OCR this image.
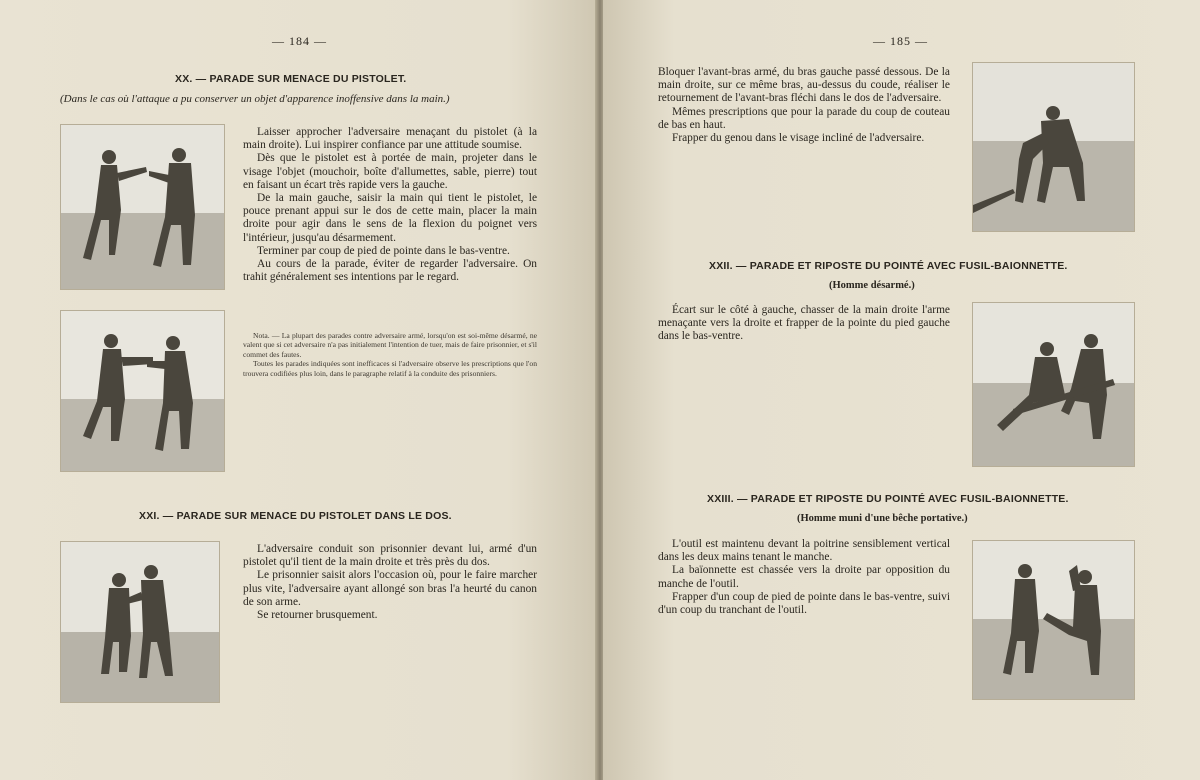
— 184 —
XX. — PARADE SUR MENACE DU PISTOLET.
(Dans le cas où l'attaque a pu conserver un objet d'apparence inoffensive dans la main.)

Laisser approcher l'adversaire menaçant du pistolet (à la main droite). Lui inspirer confiance par une attitude soumise.

Dès que le pistolet est à portée de main, projeter dans le visage l'objet (mouchoir, boîte d'allumettes, sable, pierre) tout en faisant un écart très rapide vers la gauche.

De la main gauche, saisir la main qui tient le pistolet, le pouce prenant appui sur le dos de cette main, placer la main droite pour agir dans le sens de la flexion du poignet vers l'intérieur, jusqu'au désarmement.

Terminer par coup de pied de pointe dans le bas-ventre.

Au cours de la parade, éviter de regarder l'adversaire. On trahit généralement ses intentions par le regard.

Nota. — La plupart des parades contre adversaire armé, lorsqu'on est soi-même désarmé, ne valent que si cet adversaire n'a pas initialement l'intention de tuer, mais de faire prisonnier, et s'il commet des fautes.

Toutes les parades indiquées sont inefficaces si l'adversaire observe les prescriptions que l'on trouvera codifiées plus loin, dans le paragraphe relatif à la conduite des prisonniers.

XXI. — PARADE SUR MENACE DU PISTOLET DANS LE DOS.

L'adversaire conduit son prisonnier devant lui, armé d'un pistolet qu'il tient de la main droite et très près du dos.

Le prisonnier saisit alors l'occasion où, pour le faire marcher plus vite, l'adversaire ayant allongé son bras l'a heurté du canon de son arme.

Se retourner brusquement.

— 185 —

Bloquer l'avant-bras armé, du bras gauche passé dessous. De la main droite, sur ce même bras, au-dessus du coude, réaliser le retournement de l'avant-bras fléchi dans le dos de l'adversaire.

Mêmes prescriptions que pour la parade du coup de couteau de bas en haut.

Frapper du genou dans le visage incliné de l'adversaire.

XXII. — PARADE ET RIPOSTE DU POINTÉ AVEC FUSIL-BAIONNETTE.
(Homme désarmé.)

Écart sur le côté à gauche, chasser de la main droite l'arme menaçante vers la droite et frapper de la pointe du pied gauche dans le bas-ventre.

XXIII. — PARADE ET RIPOSTE DU POINTÉ AVEC FUSIL-BAIONNETTE.
(Homme muni d'une bêche portative.)

L'outil est maintenu devant la poitrine sensiblement vertical dans les deux mains tenant le manche.

La baïonnette est chassée vers la droite par opposition du manche de l'outil.

Frapper d'un coup de pied de pointe dans le bas-ventre, suivi d'un coup du tranchant de l'outil.
